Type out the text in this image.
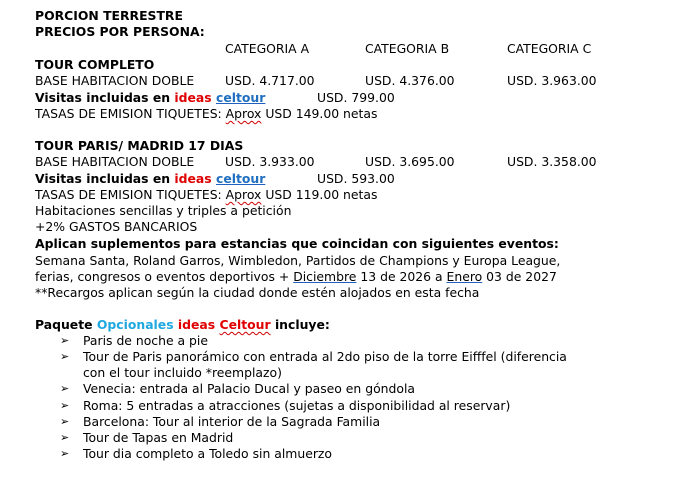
PORCION TERRESTRE
PRECIOS POR PERSONA:
CATEGORIA A	CATEGORIA B	CATEGORIA C
TOUR COMPLETO
BASE HABITACION DOBLE USD. 4.717.00	USD. 4.376.00	USD. 3.963.00
Visitas incluidas en ideas celtour	USD. 799.00
TASAS DE EMISION TIQUETES: Aprox USD 149.00 netas
TOUR PARIS/ MADRID 17 DIAS
BASE HABITACION DOBLE USD. 3.933.00	USD. 3.695.00	USD. 3.358.00
Visitas incluidas en ideas celtour	USD. 593.00
TASAS DE EMISION TIQUETES: Aprox USD 119.00 netas
Habitaciones sencillas y triples a petición
+2% GASTOS BANCARIOS
Aplican suplementos para estancias que coincidan con siguientes eventos:
Semana Santa, Roland Garros, Wimbledon, Partidos de Champions y Europa League,
ferias, congresos o eventos deportivos + Diciembre 13 de 2026 a Enero 03 de 2027
**Recargos aplican según la ciudad donde estén alojados en esta fecha
Paquete Opcionales ideas Celtour incluye:
➢ Paris de noche a pie
➢ Tour de Paris panorámico con entrada al 2do piso de la torre Eifffel (diferencia
con el tour incluido *reemplazo)
➢ Venecia: entrada al Palacio Ducal y paseo en góndola
➢ Roma: 5 entradas a atracciones (sujetas a disponibilidad al reservar)
➢ Barcelona: Tour al interior de la Sagrada Familia
➢ Tour de Tapas en Madrid
➢ Tour dia completo a Toledo sin almuerzo
